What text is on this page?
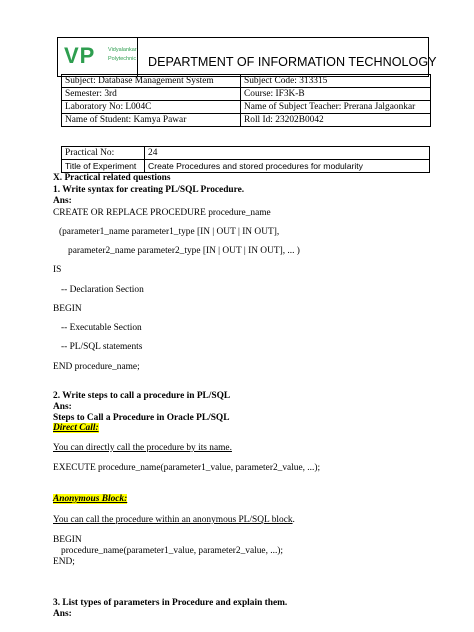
VP Vidyalankar
Polytechnic DEPARTMENT OF INFORMATION TECHNOLOGY
Subject: Database Management System	Subject Code: 313315
Semester: 3rd	Course: IF3K-B
Laboratory No: L004C	Name of Subject Teacher: Prerana Jalgaonkar
Name of Student: Kamya Pawar	Roll Id: 23202B0042
Practical No:	24
Title of Experiment	Create Procedures and stored procedures for modularity
X. Practical related questions
1. Write syntax for creating PL/SQL Procedure.
Ans:
CREATE OR REPLACE PROCEDURE procedure_name
(parameter1_name parameter1_type [IN | OUT | IN OUT],
parameter2_name parameter2_type [IN | OUT | IN OUT], ... )
IS
-- Declaration Section
BEGIN
-- Executable Section
-- PL/SQL statements
END procedure_name;
2. Write steps to call a procedure in PL/SQL
Ans:
Steps to Call a Procedure in Oracle PL/SQL
Direct Call:
You can directly call the procedure by its name.
EXECUTE procedure_name(parameter1_value, parameter2_value, ...);
Anonymous Block:
You can call the procedure within an anonymous PL/SQL block.
BEGIN
procedure_name(parameter1_value, parameter2_value, ...);
END;
3. List types of parameters in Procedure and explain them.
Ans:
